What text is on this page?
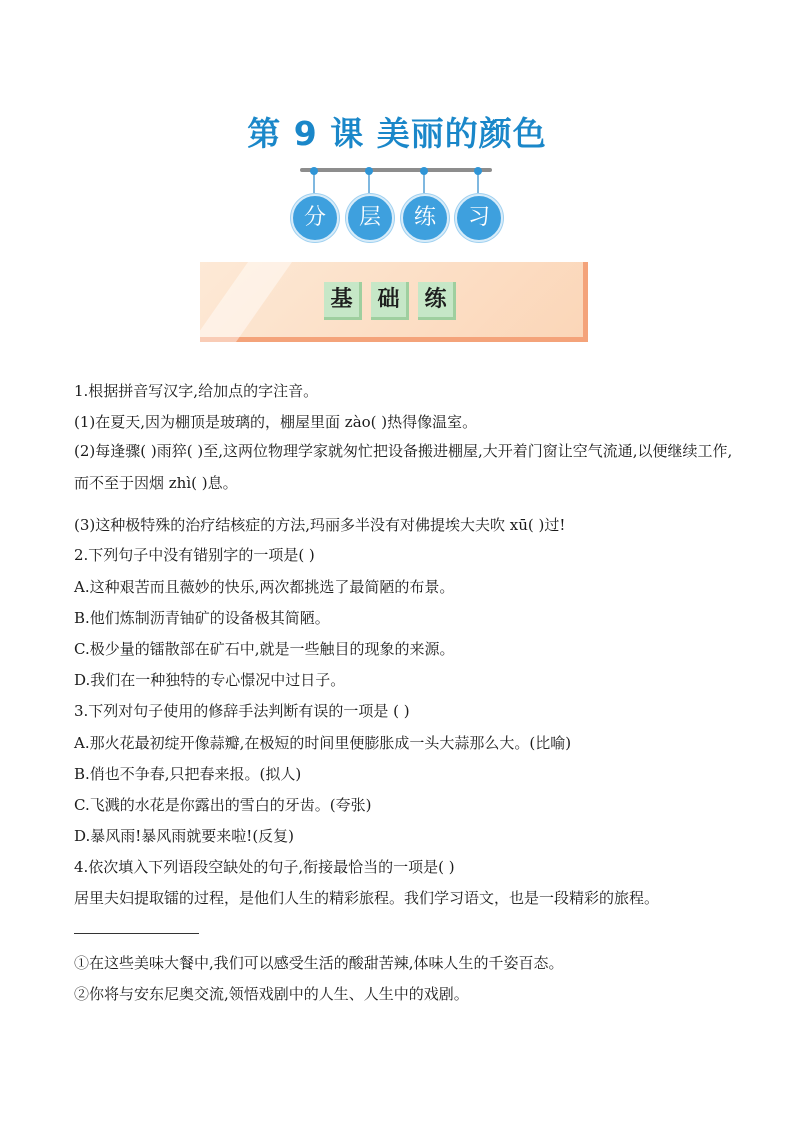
第 9 课 美丽的颜色
分	层	练	习
基	础	练
1.根据拼音写汉字,给加点的字注音。
(1)在夏天,因为棚顶是玻璃的，棚屋里面 zào( )热得像温室。
(2)每逢骤( )雨猝( )至,这两位物理学家就匆忙把设备搬进棚屋,大开着门窗让空气流通,以便继续工作,而不至于因烟 zhì( )息。
(3)这种极特殊的治疗结核症的方法,玛丽多半没有对佛提埃大夫吹 xū( )过!
2.下列句子中没有错别字的一项是( )
A.这种艰苦而且薇妙的快乐,两次都挑选了最简陋的布景。
B.他们炼制沥青铀矿的设备极其简陋。
C.极少量的镭散部在矿石中,就是一些触目的现象的来源。
D.我们在一种独特的专心憬况中过日子。
3.下列对句子使用的修辞手法判断有误的一项是 ( )
A.那火花最初绽开像蒜瓣,在极短的时间里便膨胀成一头大蒜那么大。(比喻)
B.俏也不争春,只把春来报。(拟人)
C.飞溅的水花是你露出的雪白的牙齿。(夸张)
D.暴风雨!暴风雨就要来啦!(反复)
4.依次填入下列语段空缺处的句子,衔接最恰当的一项是( )
居里夫妇提取镭的过程，是他们人生的精彩旅程。我们学习语文，也是一段精彩的旅程。
①在这些美味大餐中,我们可以感受生活的酸甜苦辣,体味人生的千姿百态。
②你将与安东尼奥交流,领悟戏剧中的人生、人生中的戏剧。
